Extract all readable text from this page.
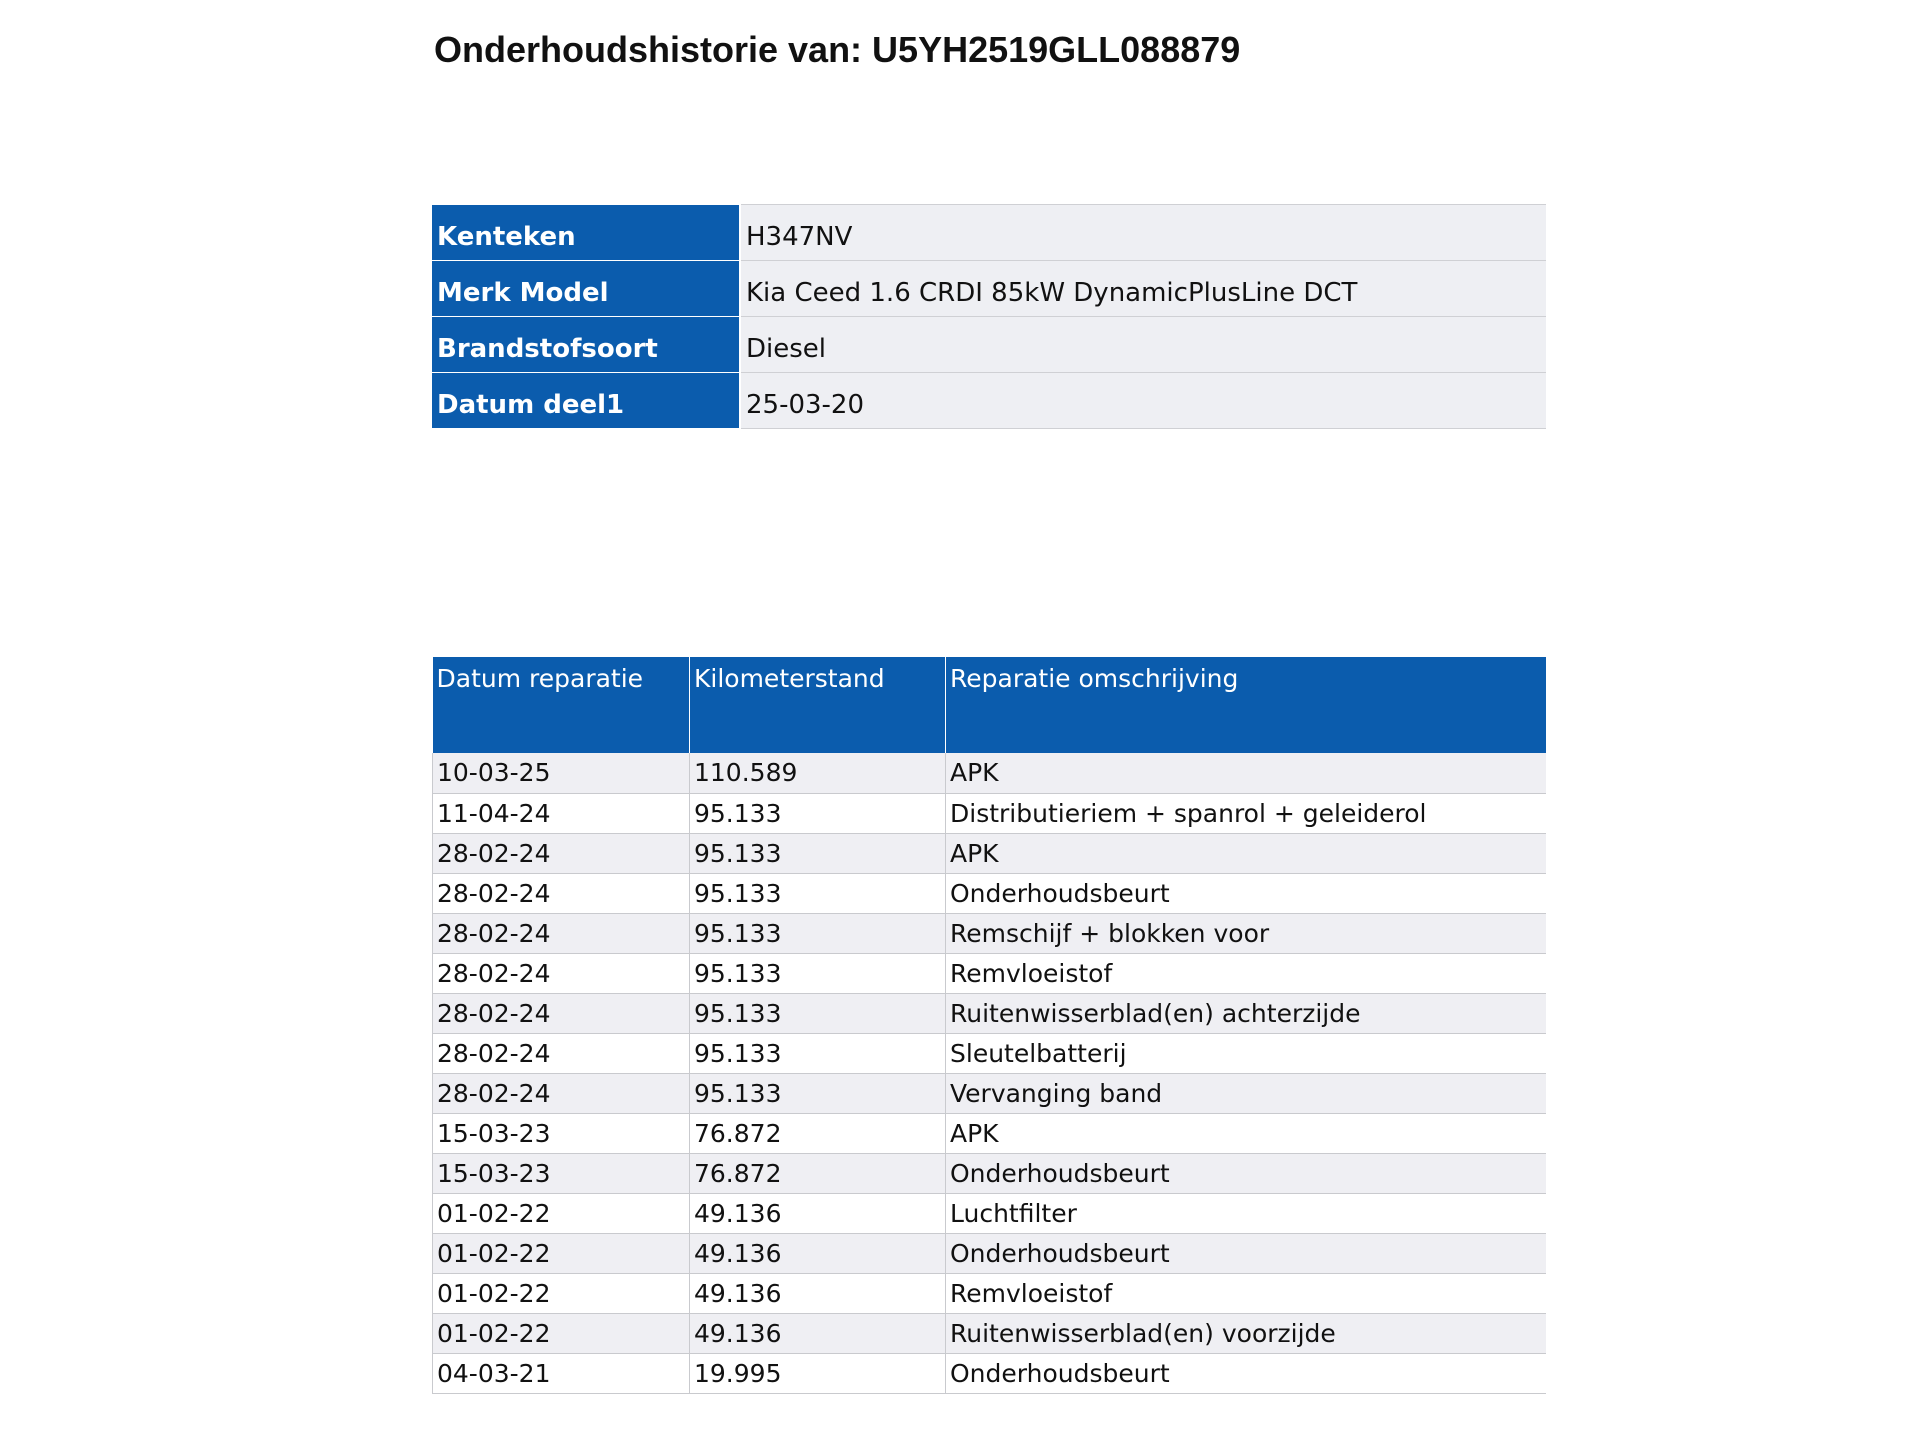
Onderhoudshistorie van: U5YH2519GLL088879
Kenteken	H347NV
Merk Model	Kia Ceed 1.6 CRDI 85kW DynamicPlusLine DCT
Brandstofsoort	Diesel
Datum deel1	25-03-20
Datum reparatie	Kilometerstand	Reparatie omschrijving
10-03-25	110.589	APK
11-04-24	95.133	Distributieriem + spanrol + geleiderol
28-02-24	95.133	APK
28-02-24	95.133	Onderhoudsbeurt
28-02-24	95.133	Remschijf + blokken voor
28-02-24	95.133	Remvloeistof
28-02-24	95.133	Ruitenwisserblad(en) achterzijde
28-02-24	95.133	Sleutelbatterij
28-02-24	95.133	Vervanging band
15-03-23	76.872	APK
15-03-23	76.872	Onderhoudsbeurt
01-02-22	49.136	Luchtfilter
01-02-22	49.136	Onderhoudsbeurt
01-02-22	49.136	Remvloeistof
01-02-22	49.136	Ruitenwisserblad(en) voorzijde
04-03-21	19.995	Onderhoudsbeurt
